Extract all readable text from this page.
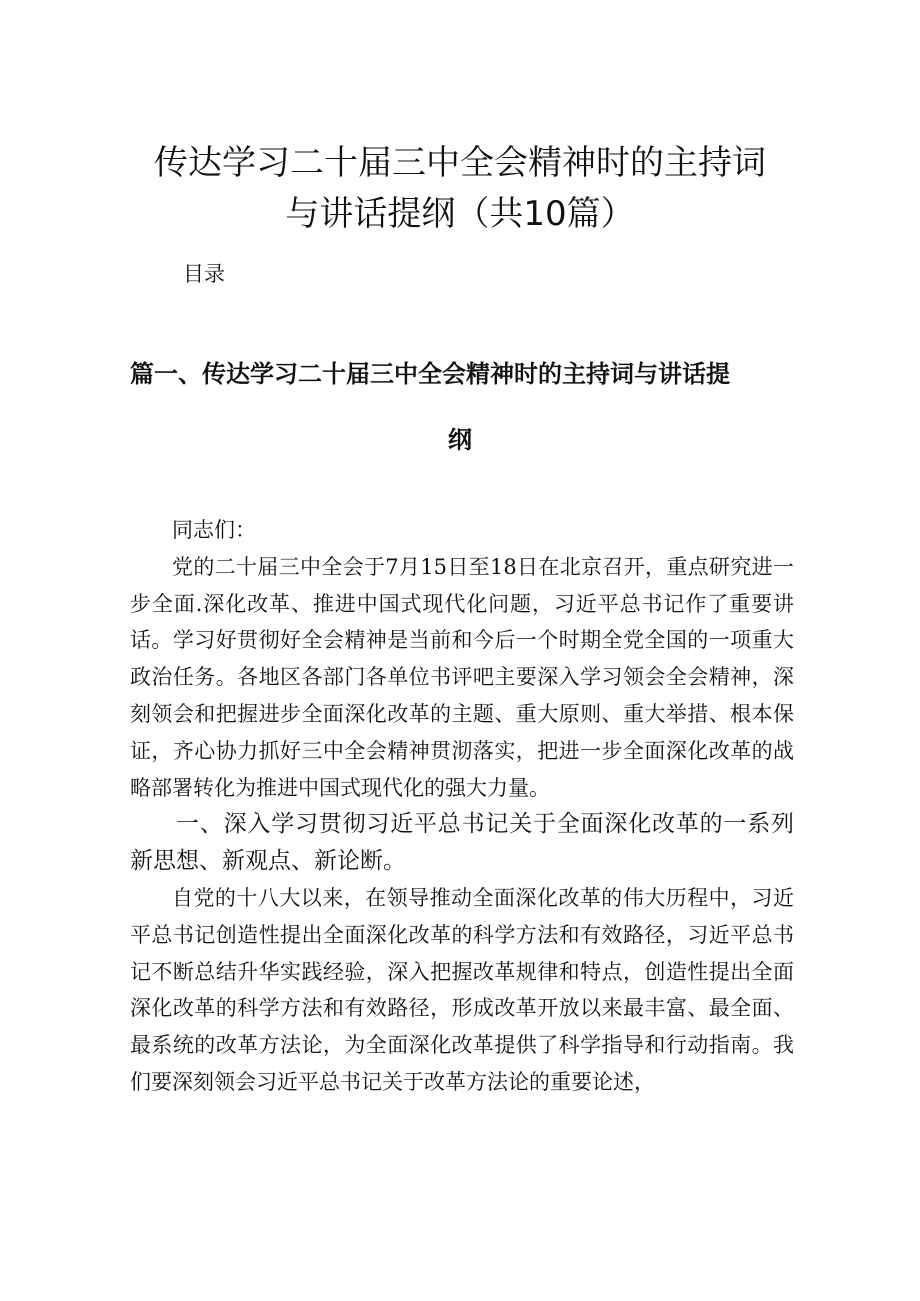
传达学习二十届三中全会精神时的主持词
与讲话提纲（共10篇）
目录
篇一、传达学习二十届三中全会精神时的主持词与讲话提
纲

同志们：

党的二十届三中全会于7月15日至18日在北京召开，重点研究进一步全面.深化改革、推进中国式现代化问题，习近平总书记作了重要讲话。学习好贯彻好全会精神是当前和今后一个时期全党全国的一项重大政治任务。各地区各部门各单位书评吧主要深入学习领会全会精神，深刻领会和把握进步全面深化改革的主题、重大原则、重大举措、根本保证，齐心协力抓好三中全会精神贯沏落实，把进一步全面深化改革的战略部署转化为推进中国式现代化的强大力量。

一、深入学习贯彻习近平总书记关于全面深化改革的一系列新思想、新观点、新论断。

自党的十八大以来，在领导推动全面深化改革的伟大历程中，习近平总书记创造性提出全面深化改革的科学方法和有效路径，习近平总书记不断总结升华实践经验，深入把握改革规律和特点，创造性提出全面深化改革的科学方法和有效路径，形成改革开放以来最丰富、最全面、最系统的改革方法论，为全面深化改革提供了科学指导和行动指南。我们要深刻领会习近平总书记关于改革方法论的重要论述，
